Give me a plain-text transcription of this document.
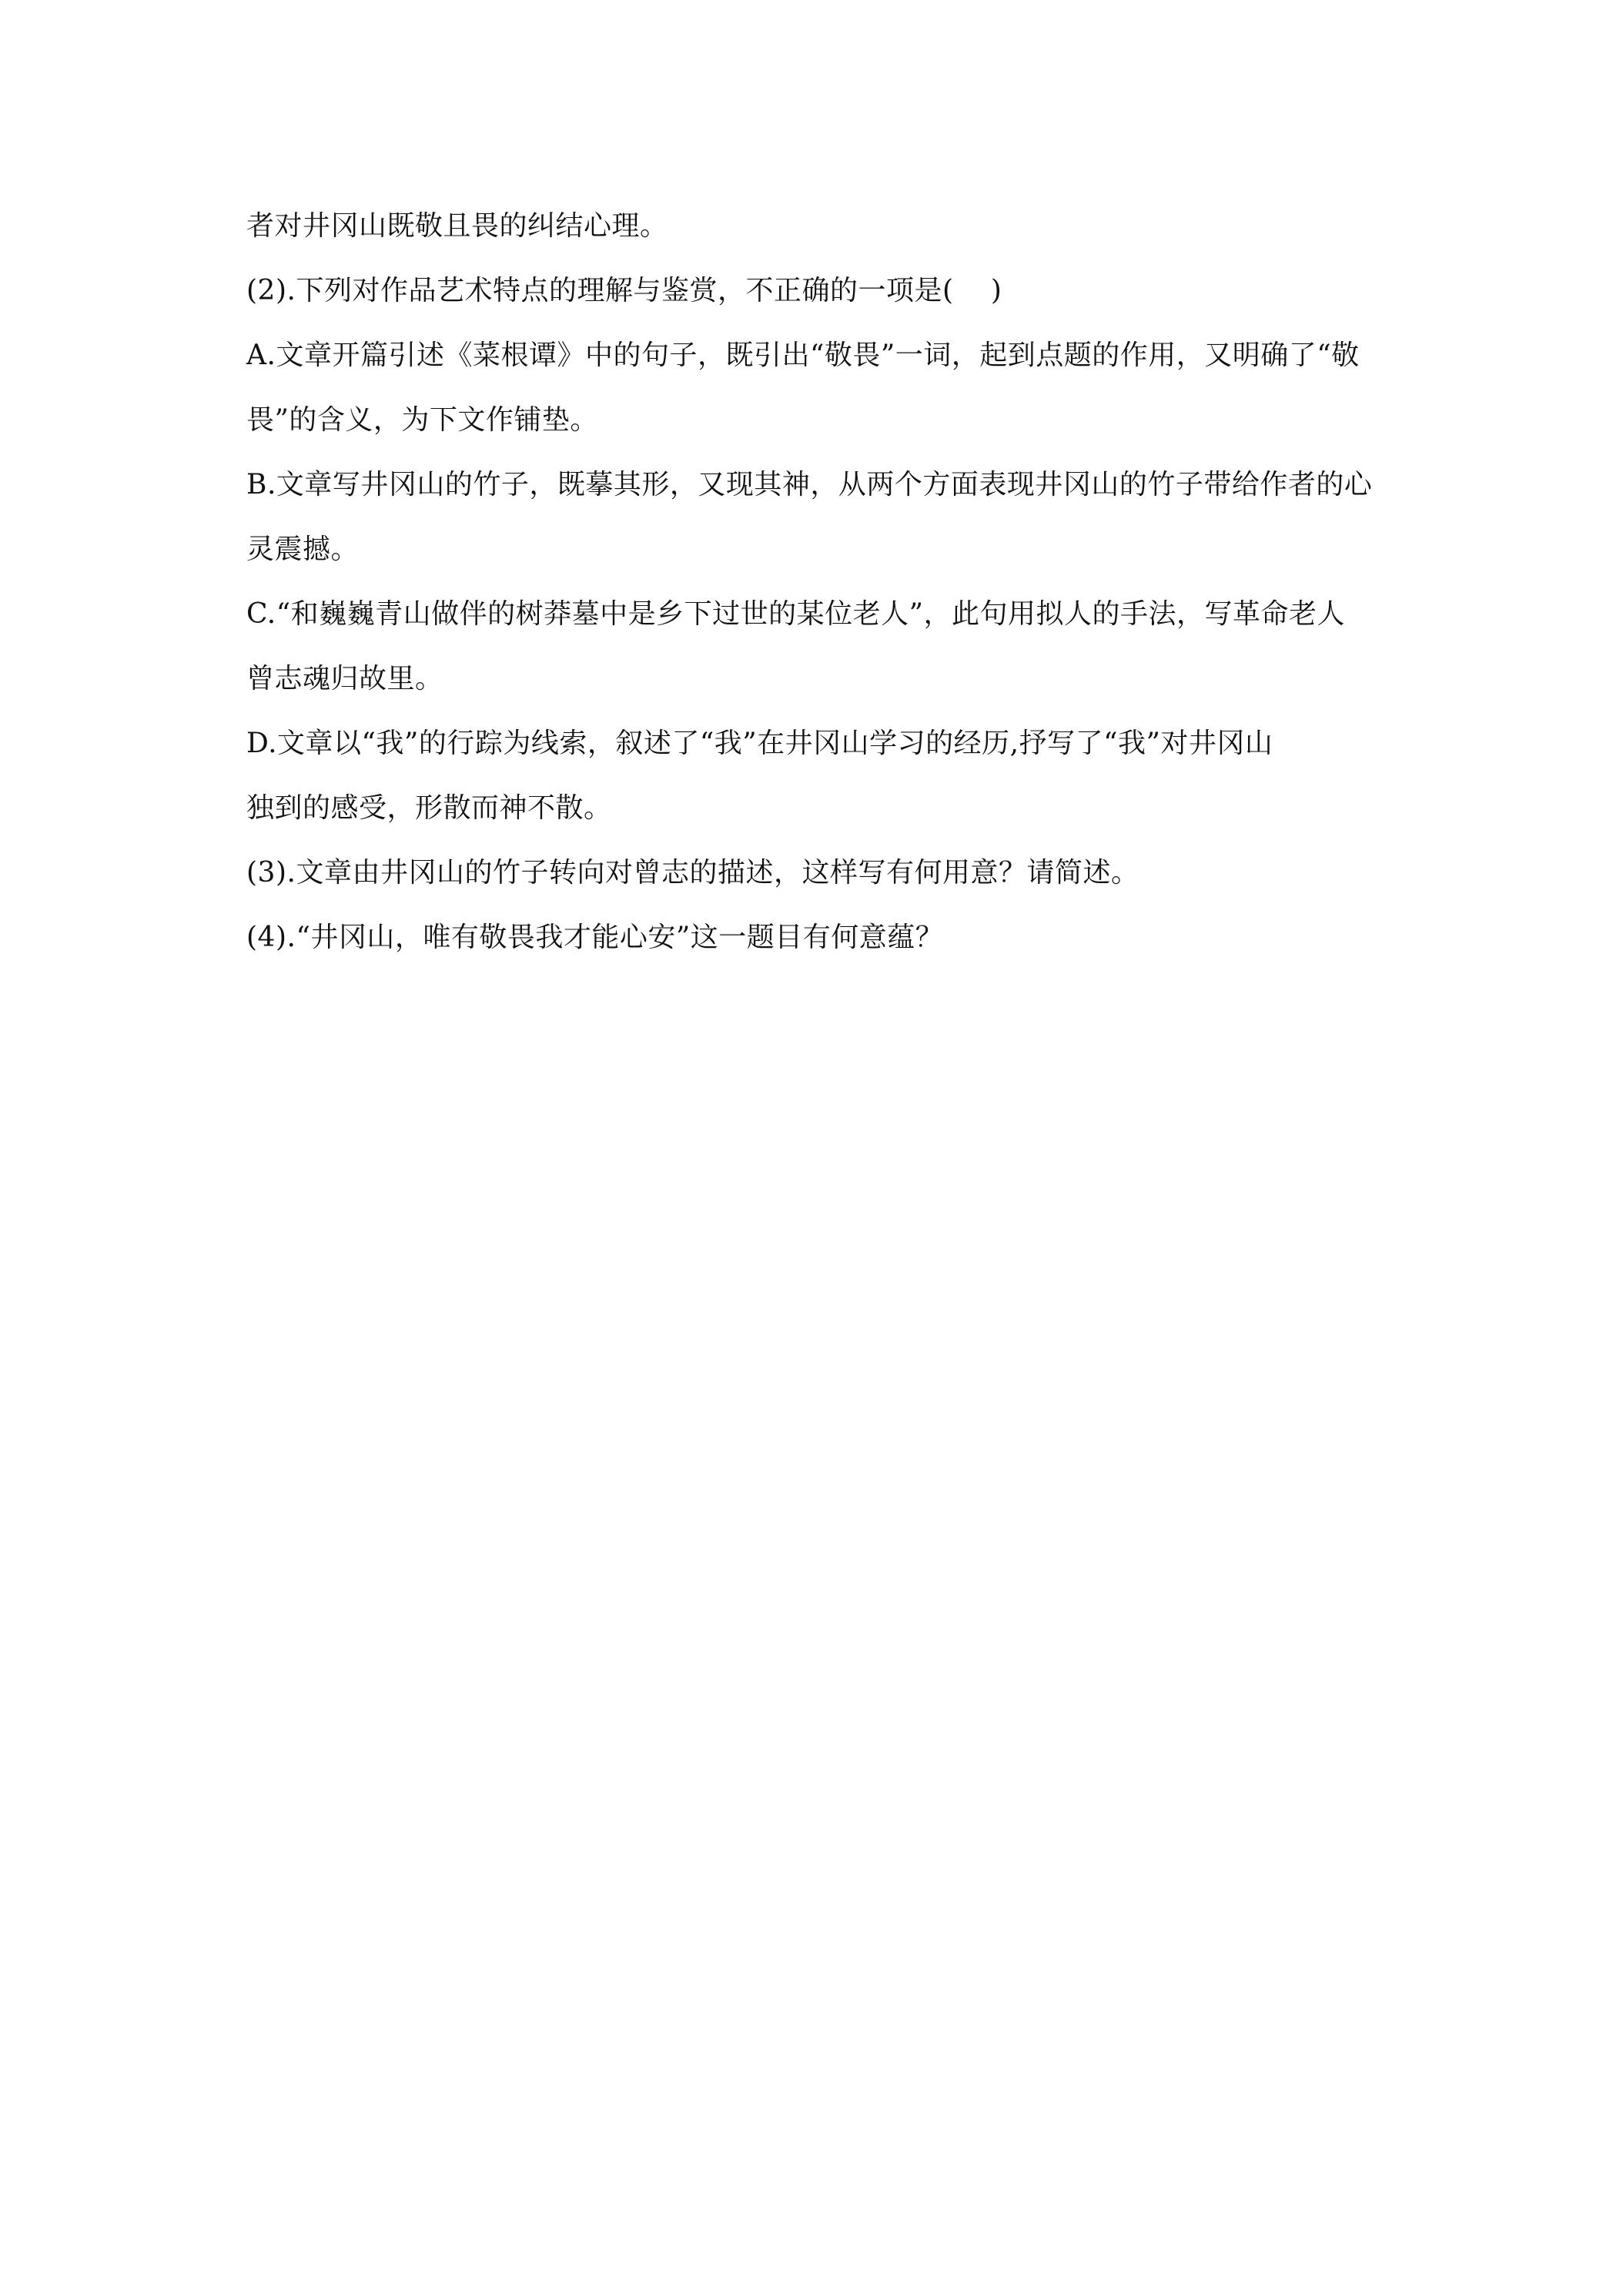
者对井冈山既敬且畏的纠结心理。
(2).下列对作品艺术特点的理解与鉴赏，不正确的一项是(　 )
A.文章开篇引述《菜根谭》中的句子，既引出“敬畏”一词，起到点题的作用，又明确了“敬
畏”的含义，为下文作铺垫。
B.文章写井冈山的竹子，既摹其形，又现其神，从两个方面表现井冈山的竹子带给作者的心
灵震撼。
C.“和巍巍青山做伴的树莽墓中是乡下过世的某位老人”，此句用拟人的手法，写革命老人
曾志魂归故里。
D.文章以“我”的行踪为线索，叙述了“我”在井冈山学习的经历,抒写了“我”对井冈山
独到的感受，形散而神不散。
(3).文章由井冈山的竹子转向对曾志的描述，这样写有何用意？请简述。
(4).“井冈山，唯有敬畏我才能心安”这一题目有何意蕴？
